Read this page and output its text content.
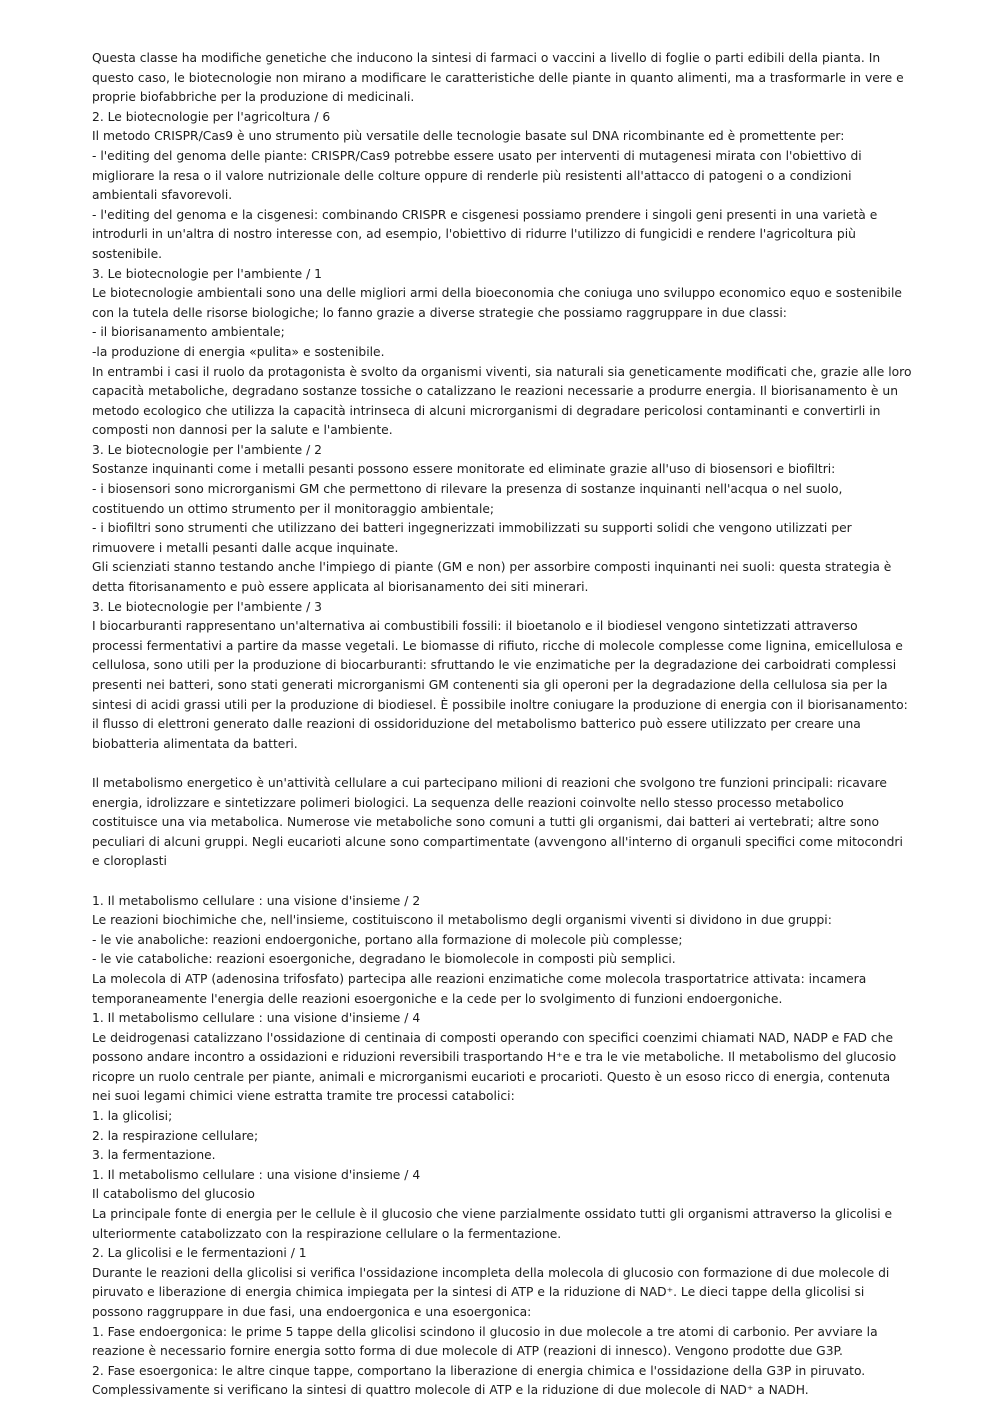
Questa classe ha modifiche genetiche che inducono la sintesi di farmaci o vaccini a livello di foglie o parti edibili della pianta. In questo caso, le biotecnologie non mirano a modificare le caratteristiche delle piante in quanto alimenti, ma a trasformarle in vere e proprie biofabbriche per la produzione di medicinali.

2. Le biotecnologie per l'agricoltura / 6

Il metodo CRISPR/Cas9 è uno strumento più versatile delle tecnologie basate sul DNA ricombinante ed è promettente per:

- l'editing del genoma delle piante: CRISPR/Cas9 potrebbe essere usato per interventi di mutagenesi mirata con l'obiettivo di migliorare la resa o il valore nutrizionale delle colture oppure di renderle più resistenti all'attacco di patogeni o a condizioni ambientali sfavorevoli.

- l'editing del genoma e la cisgenesi: combinando CRISPR e cisgenesi possiamo prendere i singoli geni presenti in una varietà e introdurli in un'altra di nostro interesse con, ad esempio, l'obiettivo di ridurre l'utilizzo di fungicidi e rendere l'agricoltura più sostenibile.

3. Le biotecnologie per l'ambiente / 1

Le biotecnologie ambientali sono una delle migliori armi della bioeconomia che coniuga uno sviluppo economico equo e sostenibile con la tutela delle risorse biologiche; lo fanno grazie a diverse strategie che possiamo raggruppare in due classi:

- il biorisanamento ambientale;

-la produzione di energia «pulita» e sostenibile.

In entrambi i casi il ruolo da protagonista è svolto da organismi viventi, sia naturali sia geneticamente modificati che, grazie alle loro capacità metaboliche, degradano sostanze tossiche o catalizzano le reazioni necessarie a produrre energia. Il biorisanamento è un metodo ecologico che utilizza la capacità intrinseca di alcuni microrganismi di degradare pericolosi contaminanti e convertirli in composti non dannosi per la salute e l'ambiente.

3. Le biotecnologie per l'ambiente / 2

Sostanze inquinanti come i metalli pesanti possono essere monitorate ed eliminate grazie all'uso di biosensori e biofiltri:

- i biosensori sono microrganismi GM che permettono di rilevare la presenza di sostanze inquinanti nell'acqua o nel suolo, costituendo un ottimo strumento per il monitoraggio ambientale;

- i biofiltri sono strumenti che utilizzano dei batteri ingegnerizzati immobilizzati su supporti solidi che vengono utilizzati per rimuovere i metalli pesanti dalle acque inquinate.

Gli scienziati stanno testando anche l'impiego di piante (GM e non) per assorbire composti inquinanti nei suoli: questa strategia è detta fitorisanamento e può essere applicata al biorisanamento dei siti minerari.

3. Le biotecnologie per l'ambiente / 3

I biocarburanti rappresentano un'alternativa ai combustibili fossili: il bioetanolo e il biodiesel vengono sintetizzati attraverso processi fermentativi a partire da masse vegetali. Le biomasse di rifiuto, ricche di molecole complesse come lignina, emicellulosa e cellulosa, sono utili per la produzione di biocarburanti: sfruttando le vie enzimatiche per la degradazione dei carboidrati complessi presenti nei batteri, sono stati generati microrganismi GM contenenti sia gli operoni per la degradazione della cellulosa sia per la sintesi di acidi grassi utili per la produzione di biodiesel. È possibile inoltre coniugare la produzione di energia con il biorisanamento: il flusso di elettroni generato dalle reazioni di ossidoriduzione del metabolismo batterico può essere utilizzato per creare una biobatteria alimentata da batteri.

Il metabolismo energetico è un'attività cellulare a cui partecipano milioni di reazioni che svolgono tre funzioni principali: ricavare energia, idrolizzare e sintetizzare polimeri biologici. La sequenza delle reazioni coinvolte nello stesso processo metabolico costituisce una via metabolica. Numerose vie metaboliche sono comuni a tutti gli organismi, dai batteri ai vertebrati; altre sono peculiari di alcuni gruppi. Negli eucarioti alcune sono compartimentate (avvengono all'interno di organuli specifici come mitocondri e cloroplasti

1. Il metabolismo cellulare : una visione d'insieme / 2

Le reazioni biochimiche che, nell'insieme, costituiscono il metabolismo degli organismi viventi si dividono in due gruppi:

- le vie anaboliche: reazioni endoergoniche, portano alla formazione di molecole più complesse;

- le vie cataboliche: reazioni esoergoniche, degradano le biomolecole in composti più semplici.

La molecola di ATP (adenosina trifosfato) partecipa alle reazioni enzimatiche come molecola trasportatrice attivata: incamera temporaneamente l'energia delle reazioni esoergoniche e la cede per lo svolgimento di funzioni endoergoniche.

1. Il metabolismo cellulare : una visione d'insieme / 4

Le deidrogenasi catalizzano l'ossidazione di centinaia di composti operando con specifici coenzimi chiamati NAD, NADP e FAD che possono andare incontro a ossidazioni e riduzioni reversibili trasportando H⁺e e tra le vie metaboliche. Il metabolismo del glucosio ricopre un ruolo centrale per piante, animali e microrganismi eucarioti e procarioti. Questo è un esoso ricco di energia, contenuta nei suoi legami chimici viene estratta tramite tre processi catabolici:

1. la glicolisi;

2. la respirazione cellulare;

3. la fermentazione.

1. Il metabolismo cellulare : una visione d'insieme / 4

Il catabolismo del glucosio

La principale fonte di energia per le cellule è il glucosio che viene parzialmente ossidato tutti gli organismi attraverso la glicolisi e ulteriormente catabolizzato con la respirazione cellulare o la fermentazione.

2. La glicolisi e le fermentazioni / 1

Durante le reazioni della glicolisi si verifica l'ossidazione incompleta della molecola di glucosio con formazione di due molecole di piruvato e liberazione di energia chimica impiegata per la sintesi di ATP e la riduzione di NAD⁺. Le dieci tappe della glicolisi si possono raggruppare in due fasi, una endoergonica e una esoergonica:

1. Fase endoergonica: le prime 5 tappe della glicolisi scindono il glucosio in due molecole a tre atomi di carbonio. Per avviare la reazione è necessario fornire energia sotto forma di due molecole di ATP (reazioni di innesco). Vengono prodotte due G3P.

2. Fase esoergonica: le altre cinque tappe, comportano la liberazione di energia chimica e l'ossidazione della G3P in piruvato. Complessivamente si verificano la sintesi di quattro molecole di ATP e la riduzione di due molecole di NAD⁺ a NADH.
